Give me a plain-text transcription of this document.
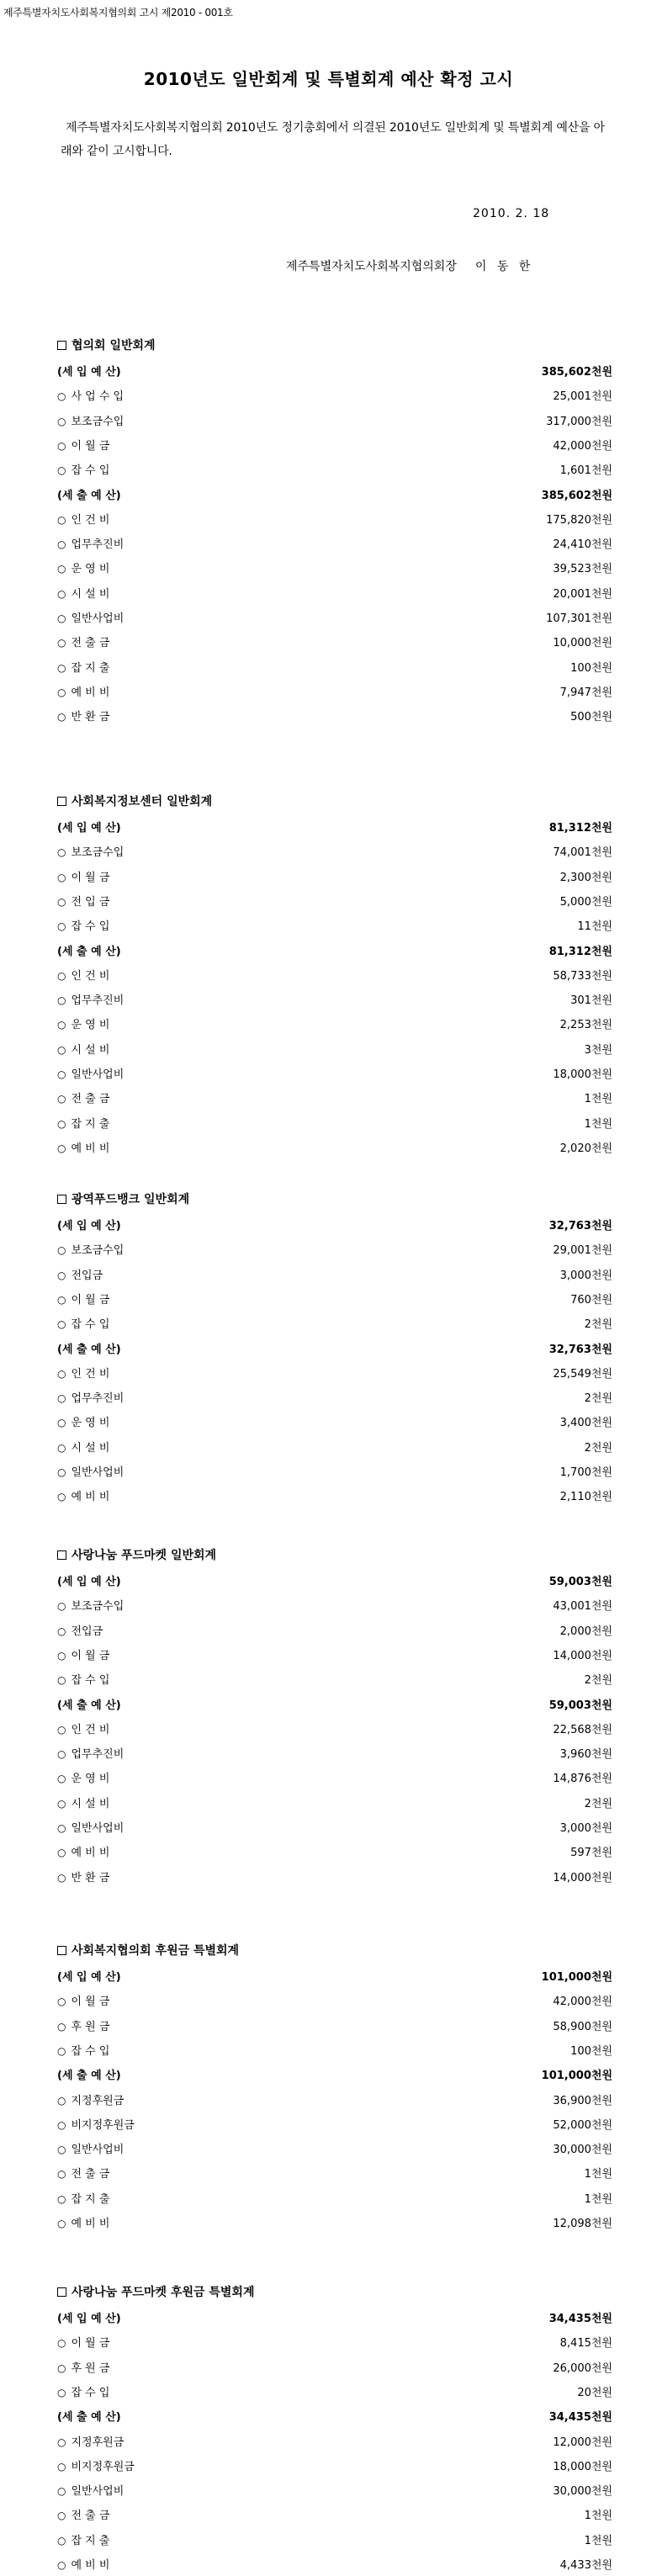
제주특별자치도사회복지협의회 고시 제2010 - 001호
2010년도 일반회계 및 특별회계 예산 확정 고시

제주특별자치도사회복지협의회 2010년도 정기총회에서 의결된 2010년도 일반회계 및 특별회계 예산을 아래와 같이 고시합니다.

2010. 2. 18
제주특별자치도사회복지협의회장 이 동 한
협의회 일반회계
(세 입 예 산)	385,602천원
○ 사 업 수 입	25,001천원
○ 보조금수입	317,000천원
○ 이 월 금	42,000천원
○ 잡 수 입	1,601천원
(세 출 예 산)	385,602천원
○ 인 건 비	175,820천원
○ 업무추진비	24,410천원
○ 운 영 비	39,523천원
○ 시 설 비	20,001천원
○ 일반사업비	107,301천원
○ 전 출 금	10,000천원
○ 잡 지 출	100천원
○ 예 비 비	7,947천원
○ 반 환 금	500천원
사회복지정보센터 일반회계
(세 입 예 산)	81,312천원
○ 보조금수입	74,001천원
○ 이 월 금	2,300천원
○ 전 입 금	5,000천원
○ 잡 수 입	11천원
(세 출 예 산)	81,312천원
○ 인 건 비	58,733천원
○ 업무추진비	301천원
○ 운 영 비	2,253천원
○ 시 설 비	3천원
○ 일반사업비	18,000천원
○ 전 출 금	1천원
○ 잡 지 출	1천원
○ 예 비 비	2,020천원
광역푸드뱅크 일반회계
(세 입 예 산)	32,763천원
○ 보조금수입	29,001천원
○ 전입금	3,000천원
○ 이 월 금	760천원
○ 잡 수 입	2천원
(세 출 예 산)	32,763천원
○ 인 건 비	25,549천원
○ 업무추진비	2천원
○ 운 영 비	3,400천원
○ 시 설 비	2천원
○ 일반사업비	1,700천원
○ 예 비 비	2,110천원
사랑나눔 푸드마켓 일반회계
(세 입 예 산)	59,003천원
○ 보조금수입	43,001천원
○ 전입금	2,000천원
○ 이 월 금	14,000천원
○ 잡 수 입	2천원
(세 출 예 산)	59,003천원
○ 인 건 비	22,568천원
○ 업무추진비	3,960천원
○ 운 영 비	14,876천원
○ 시 설 비	2천원
○ 일반사업비	3,000천원
○ 예 비 비	597천원
○ 반 환 금	14,000천원
사회복지협의회 후원금 특별회계
(세 입 예 산)	101,000천원
○ 이 월 금	42,000천원
○ 후 원 금	58,900천원
○ 잡 수 입	100천원
(세 출 예 산)	101,000천원
○ 지정후원금	36,900천원
○ 비지정후원금	52,000천원
○ 일반사업비	30,000천원
○ 전 출 금	1천원
○ 잡 지 출	1천원
○ 예 비 비	12,098천원
사랑나눔 푸드마켓 후원금 특별회계
(세 입 예 산)	34,435천원
○ 이 월 금	8,415천원
○ 후 원 금	26,000천원
○ 잡 수 입	20천원
(세 출 예 산)	34,435천원
○ 지정후원금	12,000천원
○ 비지정후원금	18,000천원
○ 일반사업비	30,000천원
○ 전 출 금	1천원
○ 잡 지 출	1천원
○ 예 비 비	4,433천원
